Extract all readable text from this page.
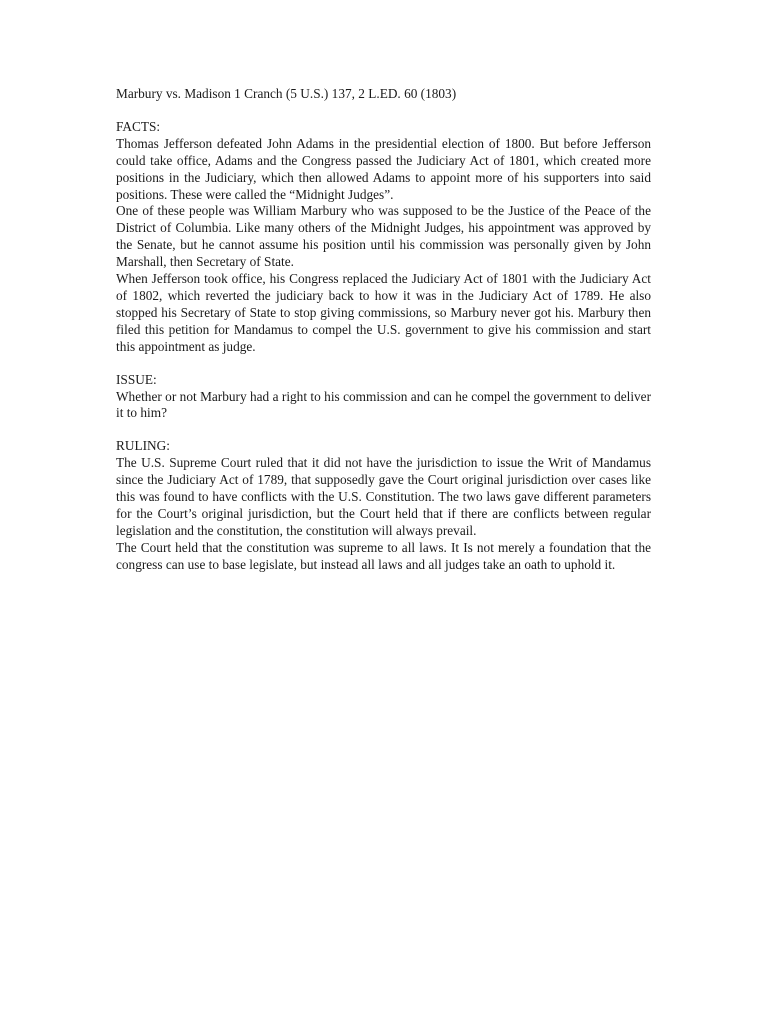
Marbury vs. Madison 1 Cranch (5 U.S.) 137, 2 L.ED. 60 (1803)

FACTS:

Thomas Jefferson defeated John Adams in the presidential election of 1800. But before Jefferson could take office, Adams and the Congress passed the Judiciary Act of 1801, which created more positions in the Judiciary, which then allowed Adams to appoint more of his supporters into said positions. These were called the “Midnight Judges”.

One of these people was William Marbury who was supposed to be the Justice of the Peace of the District of Columbia. Like many others of the Midnight Judges, his appointment was approved by the Senate, but he cannot assume his position until his commission was personally given by John Marshall, then Secretary of State.

When Jefferson took office, his Congress replaced the Judiciary Act of 1801 with the Judiciary Act of 1802, which reverted the judiciary back to how it was in the Judiciary Act of 1789. He also stopped his Secretary of State to stop giving commissions, so Marbury never got his. Marbury then filed this petition for Mandamus to compel the U.S. government to give his commission and start this appointment as judge.

ISSUE:

Whether or not Marbury had a right to his commission and can he compel the government to deliver it to him?

RULING:

The U.S. Supreme Court ruled that it did not have the jurisdiction to issue the Writ of Mandamus since the Judiciary Act of 1789, that supposedly gave the Court original jurisdiction over cases like this was found to have conflicts with the U.S. Constitution. The two laws gave different parameters for the Court’s original jurisdiction, but the Court held that if there are conflicts between regular legislation and the constitution, the constitution will always prevail.

The Court held that the constitution was supreme to all laws. It Is not merely a foundation that the congress can use to base legislate, but instead all laws and all judges take an oath to uphold it.
